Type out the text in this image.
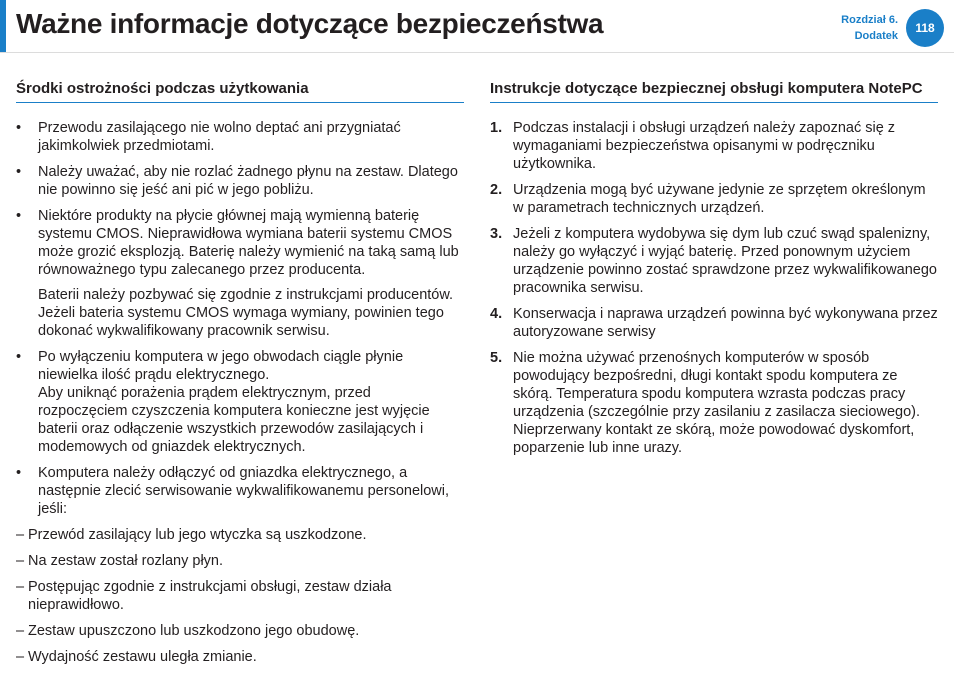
Ważne informacje dotyczące bezpieczeństwa	Rozdział 6.
Dodatek
118
Środki ostrożności podczas użytkowania
• Przewodu zasilającego nie wolno deptać ani przygniatać jakimkolwiek przedmiotami.
• Należy uważać, aby nie rozlać żadnego płynu na zestaw. Dlatego nie powinno się jeść ani pić w jego pobliżu.
• Niektóre produkty na płycie głównej mają wymienną baterię systemu CMOS. Nieprawidłowa wymiana baterii systemu CMOS może grozić eksplozją. Baterię należy wymienić na taką samą lub równoważnego typu zalecanego przez producenta.
Baterii należy pozbywać się zgodnie z instrukcjami producentów. Jeżeli bateria systemu CMOS wymaga wymiany, powinien tego dokonać wykwalifikowany pracownik serwisu.
• Po wyłączeniu komputera w jego obwodach ciągle płynie niewielka ilość prądu elektrycznego.
Aby uniknąć porażenia prądem elektrycznym, przed rozpoczęciem czyszczenia komputera konieczne jest wyjęcie baterii oraz odłączenie wszystkich przewodów zasilających i modemowych od gniazdek elektrycznych.
• Komputera należy odłączyć od gniazdka elektrycznego, a następnie zlecić serwisowanie wykwalifikowanemu personelowi, jeśli:
– Przewód zasilający lub jego wtyczka są uszkodzone.
– Na zestaw został rozlany płyn.
– Postępując zgodnie z instrukcjami obsługi, zestaw działa nieprawidłowo.
– Zestaw upuszczono lub uszkodzono jego obudowę.
– Wydajność zestawu uległa zmianie.
Instrukcje dotyczące bezpiecznej obsługi komputera NotePC
1. Podczas instalacji i obsługi urządzeń należy zapoznać się z wymaganiami bezpieczeństwa opisanymi w podręczniku użytkownika.
2. Urządzenia mogą być używane jedynie ze sprzętem określonym w parametrach technicznych urządzeń.
3. Jeżeli z komputera wydobywa się dym lub czuć swąd spalenizny, należy go wyłączyć i wyjąć baterię. Przed ponownym użyciem urządzenie powinno zostać sprawdzone przez wykwalifikowanego pracownika serwisu.
4. Konserwacja i naprawa urządzeń powinna być wykonywana przez autoryzowane serwisy
5. Nie można używać przenośnych komputerów w sposób powodujący bezpośredni, długi kontakt spodu komputera ze skórą. Temperatura spodu komputera wzrasta podczas pracy urządzenia (szczególnie przy zasilaniu z zasilacza sieciowego). Nieprzerwany kontakt ze skórą, może powodować dyskomfort, poparzenie lub inne urazy.
